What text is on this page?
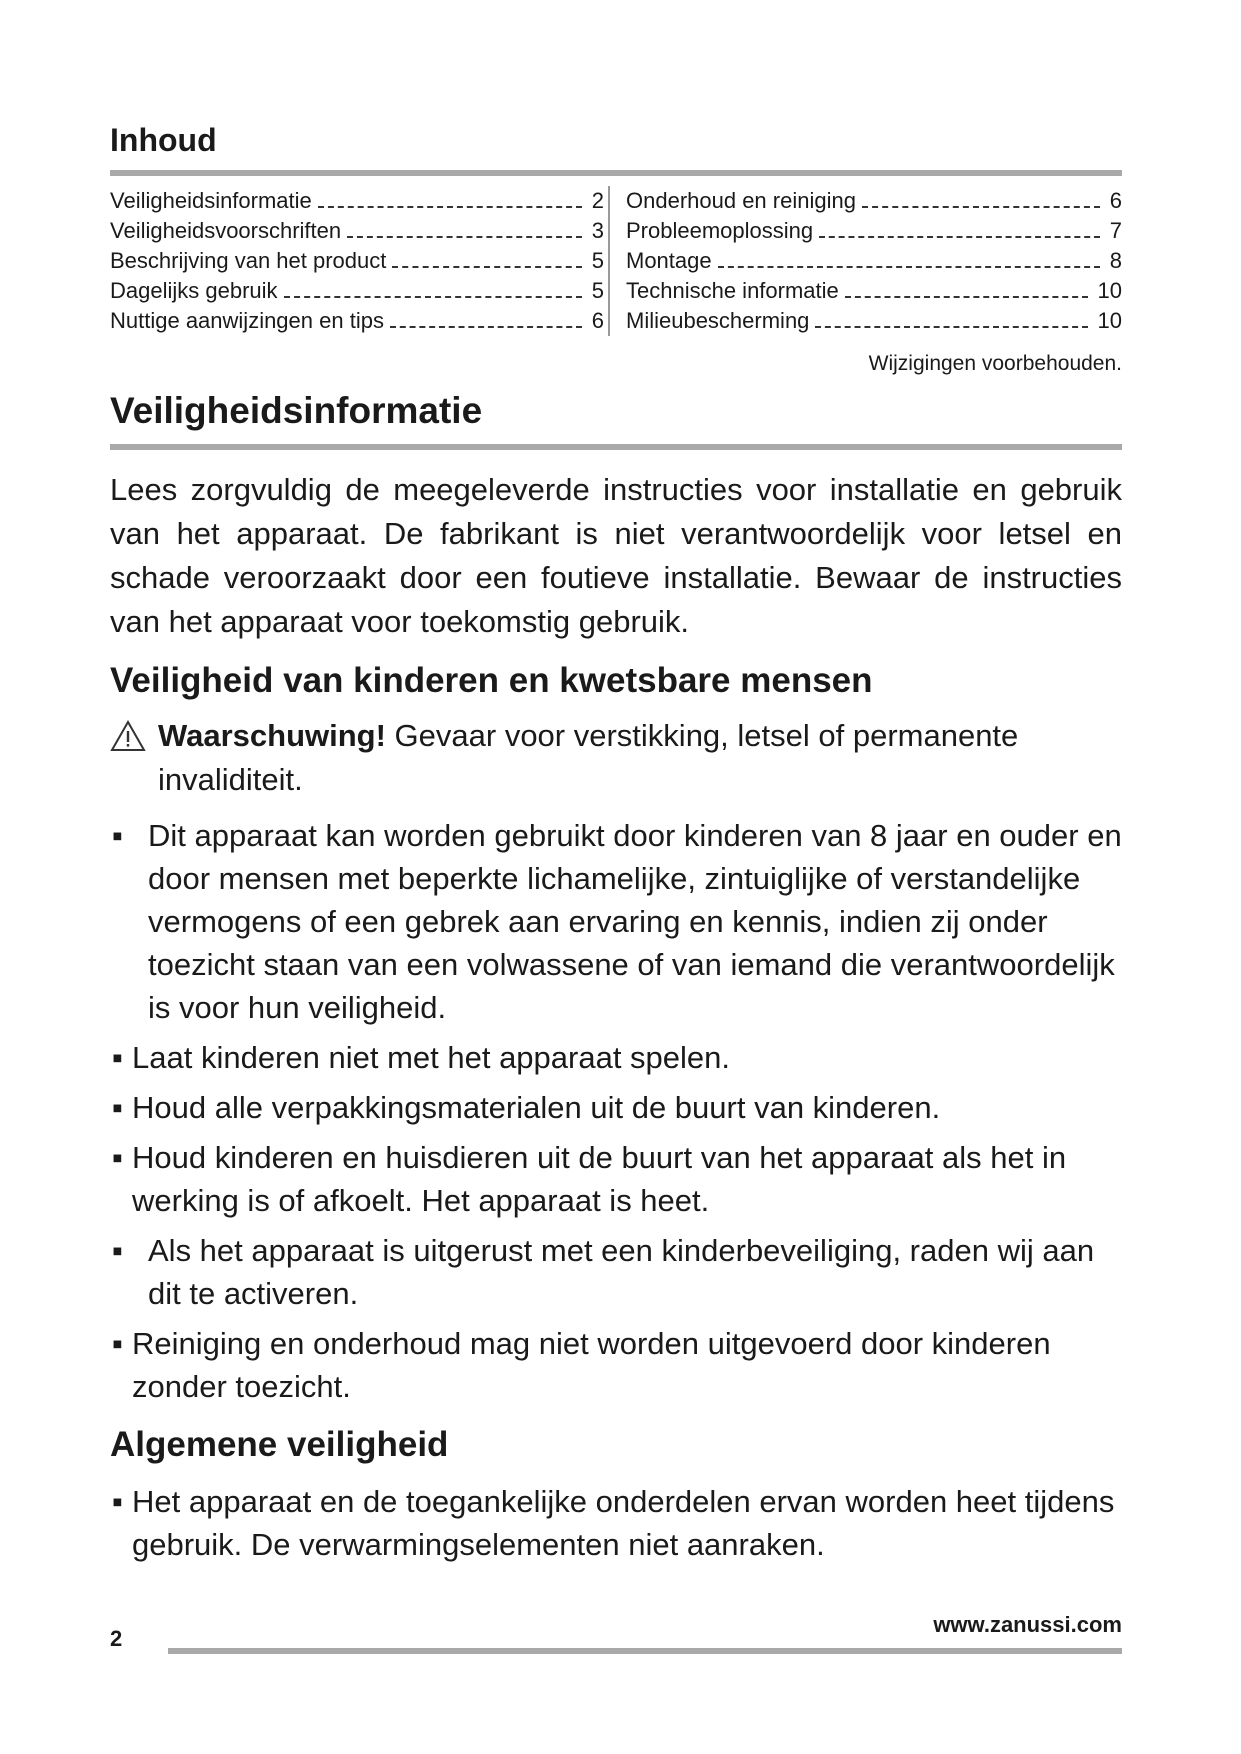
Inhoud
Veiligheidsinformatie	2
Veiligheidsvoorschriften	3
Beschrijving van het product	5
Dagelijks gebruik	5
Nuttige aanwijzingen en tips	6
Onderhoud en reiniging	6
Probleemoplossing	7
Montage	8
Technische informatie	10
Milieubescherming	10
Wijzigingen voorbehouden.
Veiligheidsinformatie
Lees zorgvuldig de meegeleverde instructies voor installatie en gebruik van het apparaat. De fabrikant is niet verantwoordelijk voor letsel en schade veroorzaakt door een foutieve installatie. Bewaar de instructies van het apparaat voor toekomstig gebruik.
Veiligheid van kinderen en kwetsbare mensen
Waarschuwing! Gevaar voor verstikking, letsel of permanente invaliditeit.
▪ Dit apparaat kan worden gebruikt door kinderen van 8 jaar en ouder en door mensen met beperkte lichamelijke, zintuiglijke of verstandelijke vermogens of een gebrek aan ervaring en kennis, indien zij onder toezicht staan van een volwassene of van iemand die verantwoordelijk is voor hun veiligheid.
▪ Laat kinderen niet met het apparaat spelen.
▪ Houd alle verpakkingsmaterialen uit de buurt van kinderen.
▪ Houd kinderen en huisdieren uit de buurt van het apparaat als het in werking is of afkoelt. Het apparaat is heet.
▪ Als het apparaat is uitgerust met een kinderbeveiliging, raden wij aan dit te activeren.
▪ Reiniging en onderhoud mag niet worden uitgevoerd door kinderen zonder toezicht.
Algemene veiligheid
▪ Het apparaat en de toegankelijke onderdelen ervan worden heet tijdens gebruik. De verwarmingselementen niet aanraken.
2
www.zanussi.com
